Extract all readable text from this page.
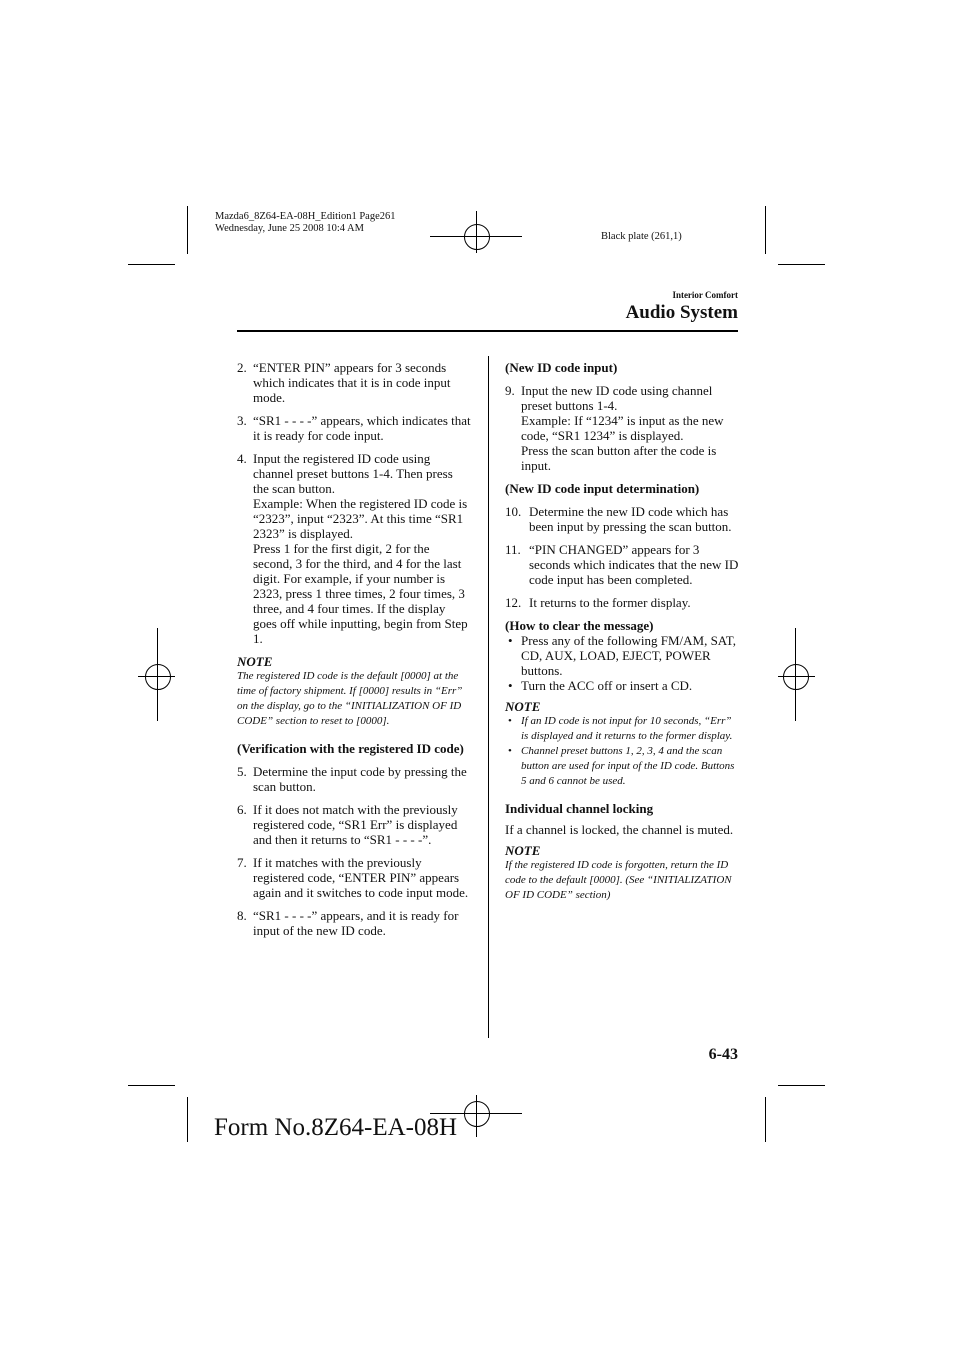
Mazda6_8Z64-EA-08H_Edition1 Page261
Wednesday, June 25 2008 10:4 AM
Black plate (261,1)
Interior Comfort
Audio System
2. “ENTER PIN” appears for 3 seconds which indicates that it is in code input mode.

3. “SR1 - - - -” appears, which indicates that it is ready for code input.

4. Input the registered ID code using channel preset buttons 1-4. Then press the scan button.

Example: When the registered ID code is “2323”, input “2323”. At this time “SR1 2323” is displayed.

Press 1 for the first digit, 2 for the second, 3 for the third, and 4 for the last digit. For example, if your number is 2323, press 1 three times, 2 four times, 3 three, and 4 four times. If the display goes off while inputting, begin from Step 1.

NOTE
The registered ID code is the default [0000] at the time of factory shipment. If [0000] results in “Err” on the display, go to the “INITIALIZATION OF ID CODE” section to reset to [0000].
(Verification with the registered ID code)
5. Determine the input code by pressing the scan button.

6. If it does not match with the previously registered code, “SR1 Err” is displayed and then it returns to “SR1 - - - -”.

7. If it matches with the previously registered code, “ENTER PIN” appears again and it switches to code input mode.

8. “SR1 - - - -” appears, and it is ready for input of the new ID code.

(New ID code input)
9. Input the new ID code using channel preset buttons 1-4.

Example: If “1234” is input as the new code, “SR1 1234” is displayed.

Press the scan button after the code is input.

(New ID code input determination)
10. Determine the new ID code which has been input by pressing the scan button.

11. “PIN CHANGED” appears for 3 seconds which indicates that the new ID code input has been completed.

12. It returns to the former display.

(How to clear the message)
• Press any of the following FM/AM, SAT, CD, AUX, LOAD, EJECT, POWER buttons.

• Turn the ACC off or insert a CD.

NOTE
• If an ID code is not input for 10 seconds, “Err” is displayed and it returns to the former display.

• Channel preset buttons 1, 2, 3, 4 and the scan button are used for input of the ID code. Buttons 5 and 6 cannot be used.

Individual channel locking

If a channel is locked, the channel is muted.

NOTE
If the registered ID code is forgotten, return the ID code to the default [0000]. (See “INITIALIZATION OF ID CODE” section)
6-43
Form No.8Z64-EA-08H
